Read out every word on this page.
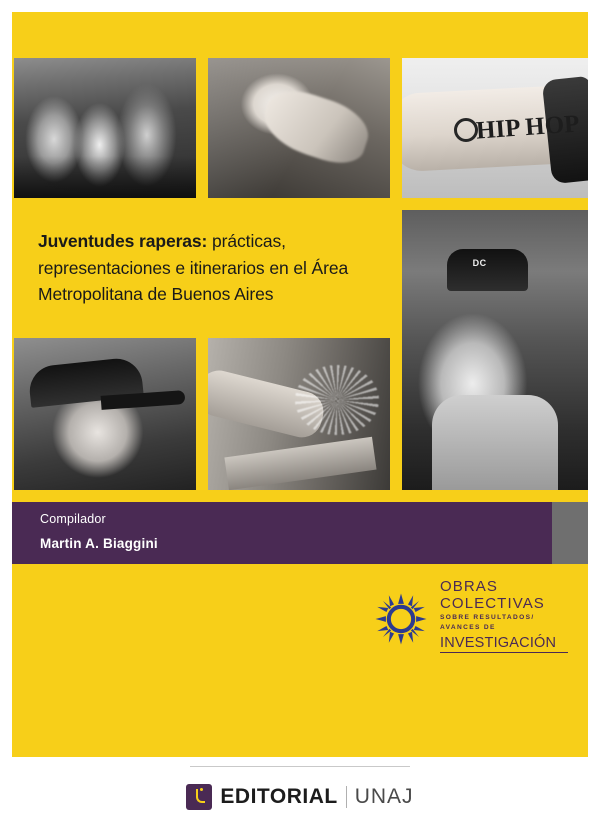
HIP HOP
DC
Juventudes raperas: prácticas, representaciones e itinerarios en el Área Metropolitana de Buenos Aires
Compilador
Martin A. Biaggini
OBRAS
COLECTIVAS
SOBRE RESULTADOS/
AVANCES DE
INVESTIGACIÓN
EDITORIAL UNAJ
